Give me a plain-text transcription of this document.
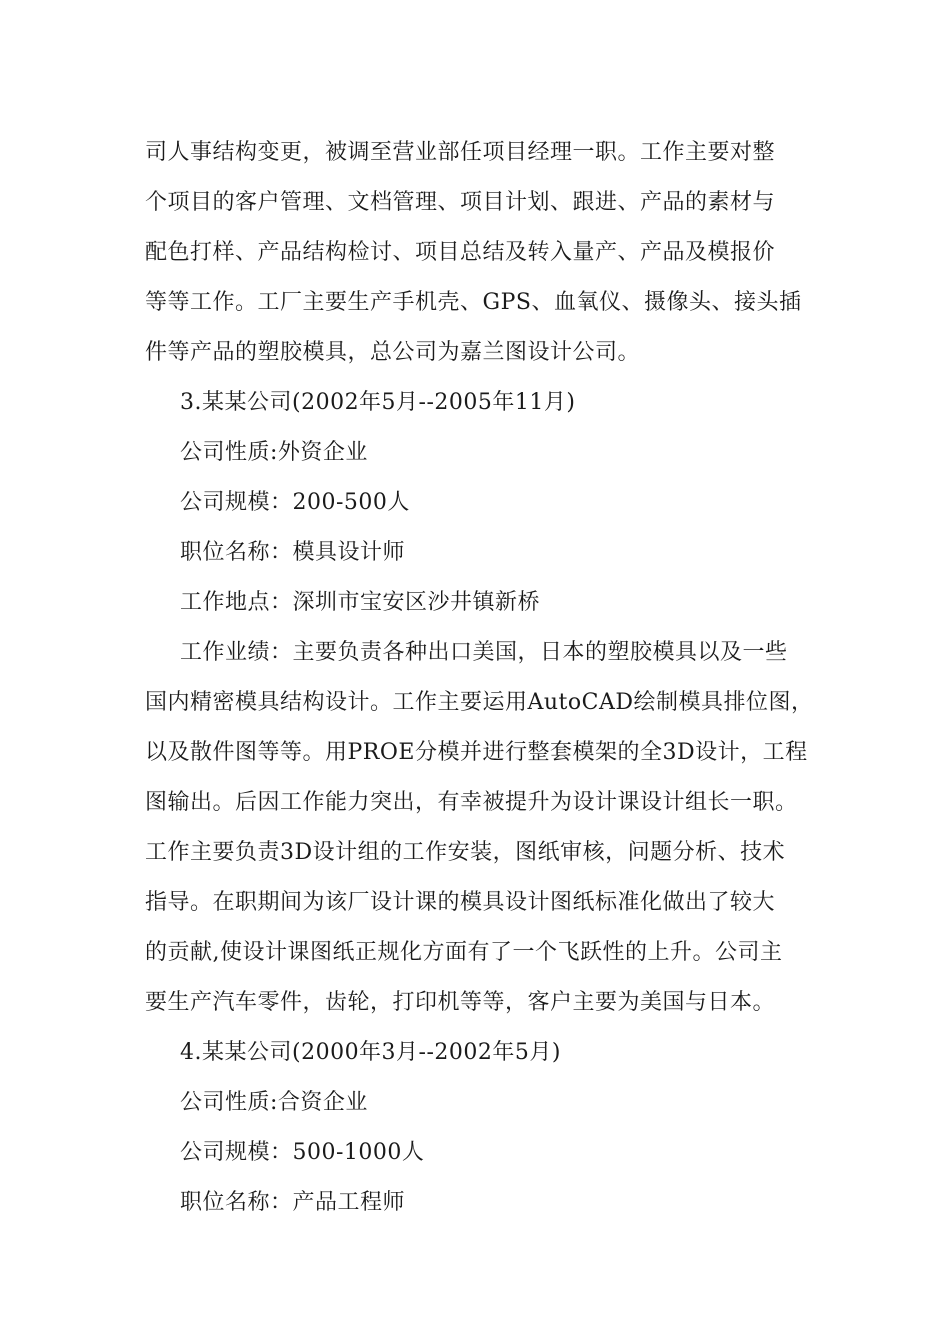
司人事结构变更，被调至营业部任项目经理一职。工作主要对整
个项目的客户管理、文档管理、项目计划、跟进、产品的素材与
配色打样、产品结构检讨、项目总结及转入量产、产品及模报价
等等工作。工厂主要生产手机壳、GPS、血氧仪、摄像头、接头插
件等产品的塑胶模具，总公司为嘉兰图设计公司。
3.某某公司(2002年5月--2005年11月)
公司性质:外资企业
公司规模：200-500人
职位名称：模具设计师
工作地点：深圳市宝安区沙井镇新桥
工作业绩：主要负责各种出口美国，日本的塑胶模具以及一些
国内精密模具结构设计。工作主要运用AutoCAD绘制模具排位图，
以及散件图等等。用PROE分模并进行整套模架的全3D设计，工程
图输出。后因工作能力突出，有幸被提升为设计课设计组长一职。
工作主要负责3D设计组的工作安装，图纸审核，问题分析、技术
指导。在职期间为该厂设计课的模具设计图纸标准化做出了较大
的贡献,使设计课图纸正规化方面有了一个飞跃性的上升。公司主
要生产汽车零件，齿轮，打印机等等，客户主要为美国与日本。
4.某某公司(2000年3月--2002年5月)
公司性质:合资企业
公司规模：500-1000人
职位名称：产品工程师
